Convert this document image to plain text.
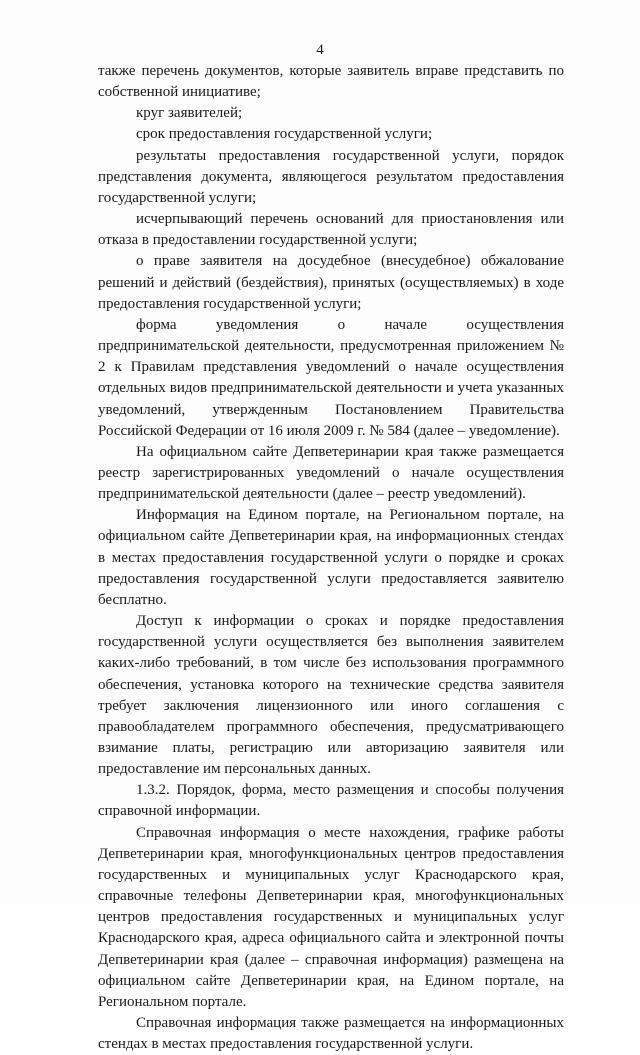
4

также перечень документов, которые заявитель вправе представить по собственной инициативе;

круг заявителей;

срок предоставления государственной услуги;

результаты предоставления государственной услуги, порядок представления документа, являющегося результатом предоставления государственной услуги;

исчерпывающий перечень оснований для приостановления или отказа в предоставлении государственной услуги;

о праве заявителя на досудебное (внесудебное) обжалование решений и действий (бездействия), принятых (осуществляемых) в ходе предоставления государственной услуги;

форма уведомления о начале осуществления предпринимательской деятельности, предусмотренная приложением № 2 к Правилам представления уведомлений о начале осуществления отдельных видов предпринимательской деятельности и учета указанных уведомлений, утвержденным Постановлением Правительства Российской Федерации от 16 июля 2009 г. № 584 (далее – уведомление).

На официальном сайте Депветеринарии края также размещается реестр зарегистрированных уведомлений о начале осуществления предпринимательской деятельности (далее – реестр уведомлений).

Информация на Едином портале, на Региональном портале, на официальном сайте Депветеринарии края, на информационных стендах в местах предоставления государственной услуги о порядке и сроках предоставления государственной услуги предоставляется заявителю бесплатно.

Доступ к информации о сроках и порядке предоставления государственной услуги осуществляется без выполнения заявителем каких-либо требований, в том числе без использования программного обеспечения, установка которого на технические средства заявителя требует заключения лицензионного или иного соглашения с правообладателем программного обеспечения, предусматривающего взимание платы, регистрацию или авторизацию заявителя или предоставление им персональных данных.

1.3.2. Порядок, форма, место размещения и способы получения справочной информации.

Справочная информация о месте нахождения, графике работы Депветеринарии края, многофункциональных центров предоставления государственных и муниципальных услуг Краснодарского края, справочные телефоны Депветеринарии края, многофункциональных центров предоставления государственных и муниципальных услуг Краснодарского края, адреса официального сайта и электронной почты Депветеринарии края (далее – справочная информация) размещена на официальном сайте Депветеринарии края, на Едином портале, на Региональном портале.

Справочная информация также размещается на информационных стендах в местах предоставления государственной услуги.
